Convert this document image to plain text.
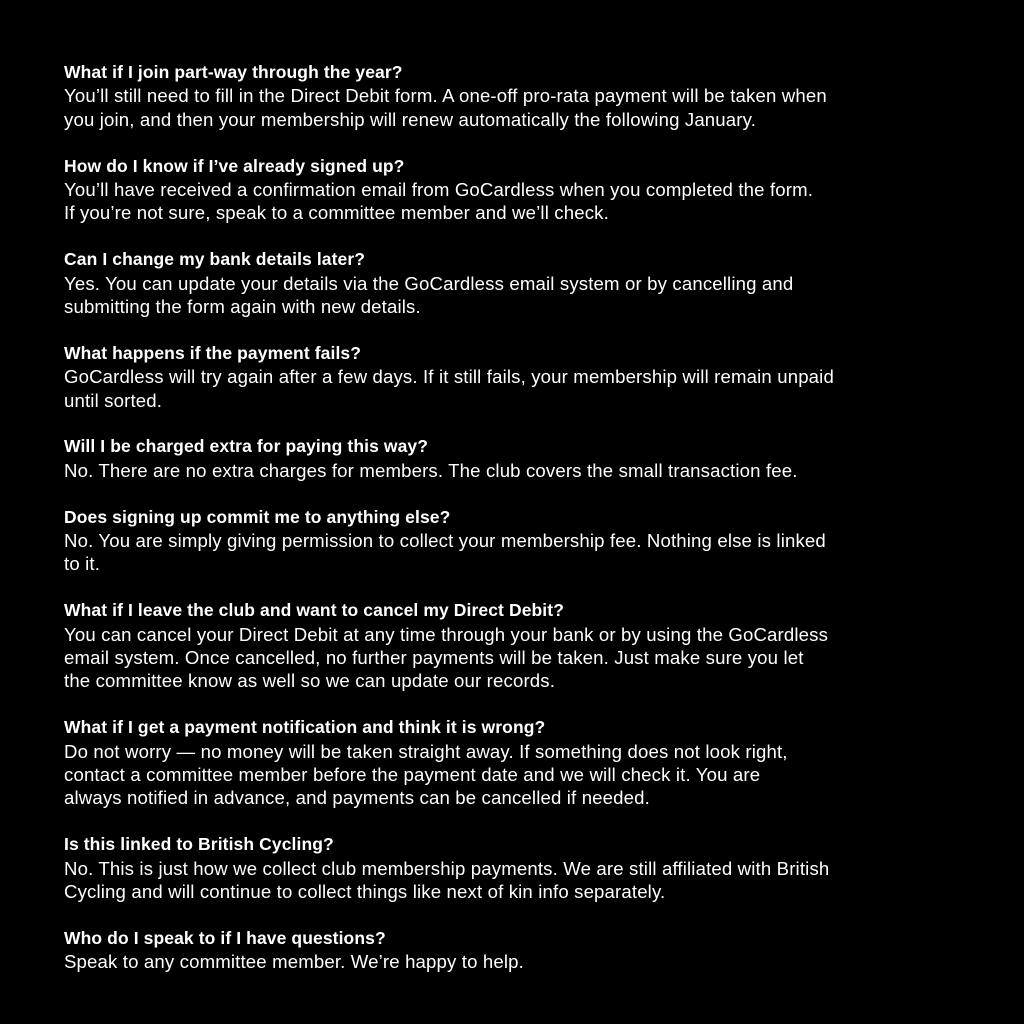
What if I join part-way through the year?
You’ll still need to fill in the Direct Debit form. A one-off pro-rata payment will be taken when
you join, and then your membership will renew automatically the following January.
How do I know if I’ve already signed up?
You’ll have received a confirmation email from GoCardless when you completed the form.
If you’re not sure, speak to a committee member and we’ll check.
Can I change my bank details later?
Yes. You can update your details via the GoCardless email system or by cancelling and
submitting the form again with new details.
What happens if the payment fails?
GoCardless will try again after a few days. If it still fails, your membership will remain unpaid
until sorted.
Will I be charged extra for paying this way?
No. There are no extra charges for members. The club covers the small transaction fee.
Does signing up commit me to anything else?
No. You are simply giving permission to collect your membership fee. Nothing else is linked
to it.
What if I leave the club and want to cancel my Direct Debit?
You can cancel your Direct Debit at any time through your bank or by using the GoCardless
email system. Once cancelled, no further payments will be taken. Just make sure you let
the committee know as well so we can update our records.
What if I get a payment notification and think it is wrong?
Do not worry — no money will be taken straight away. If something does not look right,
contact a committee member before the payment date and we will check it. You are
always notified in advance, and payments can be cancelled if needed.
Is this linked to British Cycling?
No. This is just how we collect club membership payments. We are still affiliated with British
Cycling and will continue to collect things like next of kin info separately.
Who do I speak to if I have questions?
Speak to any committee member. We’re happy to help.
